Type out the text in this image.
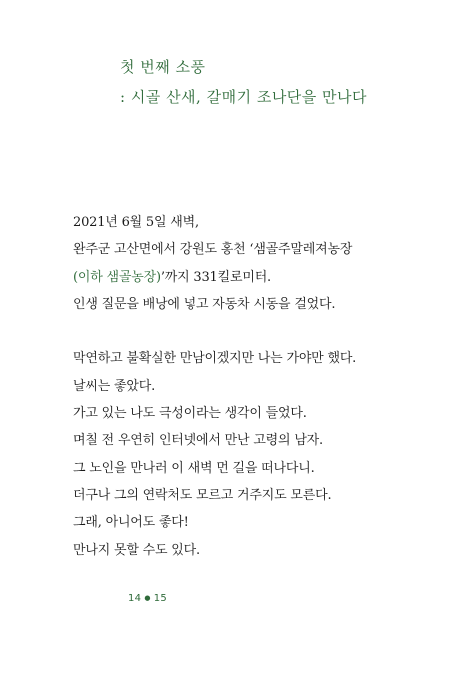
첫 번째 소풍
: 시골 산새, 갈매기 조나단을 만나다
2021년 6월 5일 새벽,
완주군 고산면에서 강원도 홍천 ‘샘골주말레져농장
(이하 샘골농장)’까지 331킬로미터.
인생 질문을 배낭에 넣고 자동차 시동을 걸었다.
막연하고 불확실한 만남이겠지만 나는 가야만 했다.
날씨는 좋았다.
가고 있는 나도 극성이라는 생각이 들었다.
며칠 전 우연히 인터넷에서 만난 고령의 남자.
그 노인을 만나러 이 새벽 먼 길을 떠나다니.
더구나 그의 연락처도 모르고 거주지도 모른다.
그래, 아니어도 좋다!
만나지 못할 수도 있다.
14 ● 15
